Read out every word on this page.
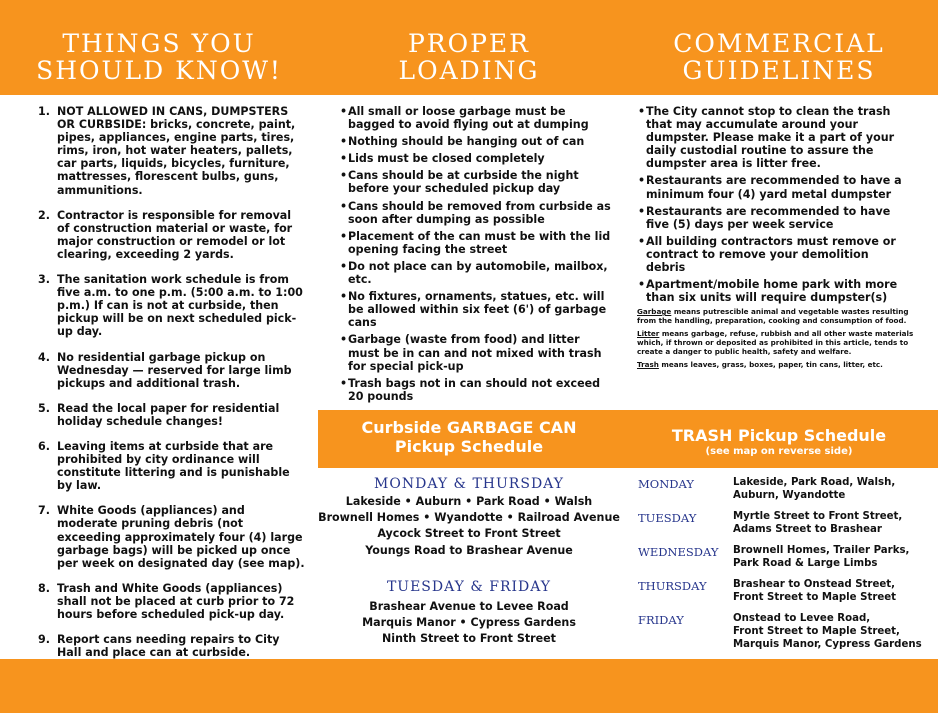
THINGS YOU
SHOULD KNOW!
PROPER
LOADING
COMMERCIAL
GUIDELINES
1. NOT ALLOWED IN CANS, DUMPSTERS OR CURBSIDE: bricks, concrete, paint, pipes, appliances, engine parts, tires, rims, iron, hot water heaters, pallets, car parts, liquids, bicycles, furniture, mattresses, florescent bulbs, guns, ammunitions.
2. Contractor is responsible for removal of construction material or waste, for major construction or remodel or lot clearing, exceeding 2 yards.
3. The sanitation work schedule is from five a.m. to one p.m. (5:00 a.m. to 1:00 p.m.) If can is not at curbside, then pickup will be on next scheduled pick-up day.
4. No residential garbage pickup on Wednesday — reserved for large limb pickups and additional trash.
5. Read the local paper for residential holiday schedule changes!
6. Leaving items at curbside that are prohibited by city ordinance will constitute littering and is punishable by law.
7. White Goods (appliances) and moderate pruning debris (not exceeding approximately four (4) large garbage bags) will be picked up once per week on designated day (see map).
8. Trash and White Goods (appliances) shall not be placed at curb prior to 72 hours before scheduled pick-up day.
9. Report cans needing repairs to City Hall and place can at curbside.
• All small or loose garbage must be bagged to avoid flying out at dumping
• Nothing should be hanging out of can
• Lids must be closed completely
• Cans should be at curbside the night before your scheduled pickup day
• Cans should be removed from curbside as soon after dumping as possible
• Placement of the can must be with the lid opening facing the street
• Do not place can by automobile, mailbox, etc.
• No fixtures, ornaments, statues, etc. will be allowed within six feet (6') of garbage cans
• Garbage (waste from food) and litter must be in can and not mixed with trash for special pick-up
• Trash bags not in can should not exceed 20 pounds
• The City cannot stop to clean the trash that may accumulate around your dumpster. Please make it a part of your daily custodial routine to assure the dumpster area is litter free.
• Restaurants are recommended to have a minimum four (4) yard metal dumpster
• Restaurants are recommended to have five (5) days per week service
• All building contractors must remove or contract to remove your demolition debris
• Apartment/mobile home park with more than six units will require dumpster(s)

Garbage means putrescible animal and vegetable wastes resulting from the handling, preparation, cooking and consumption of food.

Litter means garbage, refuse, rubbish and all other waste materials which, if thrown or deposited as prohibited in this article, tends to create a danger to public health, safety and welfare.

Trash means leaves, grass, boxes, paper, tin cans, litter, etc.

Curbside GARBAGE CAN
Pickup Schedule
MONDAY & THURSDAY
Lakeside • Auburn • Park Road • Walsh
Brownell Homes • Wyandotte • Railroad Avenue
Aycock Street to Front Street
Youngs Road to Brashear Avenue
TUESDAY & FRIDAY
Brashear Avenue to Levee Road
Marquis Manor • Cypress Gardens
Ninth Street to Front Street
TRASH Pickup Schedule
(see map on reverse side)
MONDAY	Lakeside, Park Road, Walsh,
Auburn, Wyandotte
TUESDAY	Myrtle Street to Front Street,
Adams Street to Brashear
WEDNESDAY	Brownell Homes, Trailer Parks,
Park Road & Large Limbs
THURSDAY	Brashear to Onstead Street,
Front Street to Maple Street
FRIDAY	Onstead to Levee Road,
Front Street to Maple Street,
Marquis Manor, Cypress Gardens
